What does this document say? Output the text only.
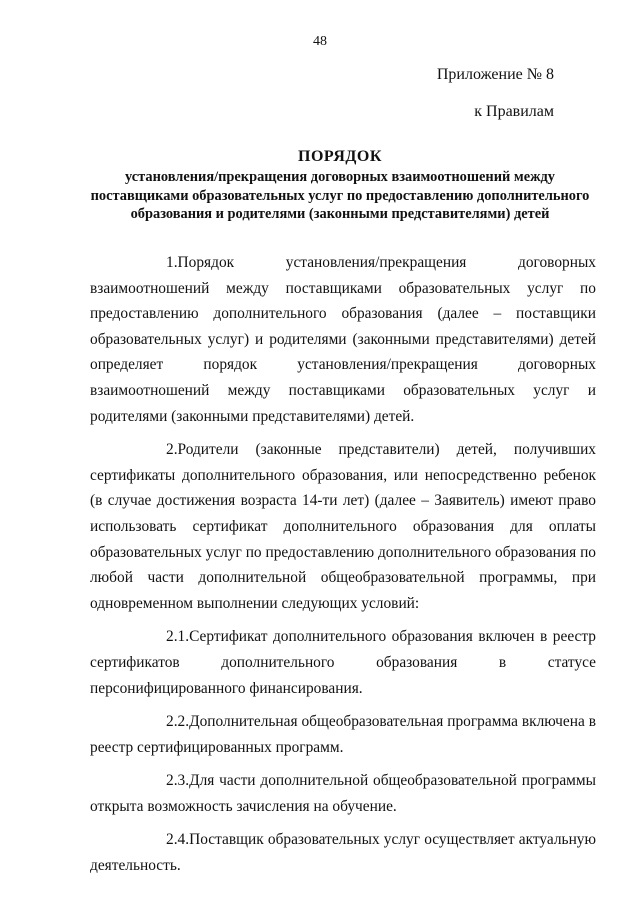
48
Приложение № 8
к Правилам

ПОРЯДОК

установления/прекращения договорных взаимоотношений между поставщиками образовательных услуг по предоставлению дополнительного образования и родителями (законными представителями) детей

1.Порядок установления/прекращения договорных взаимоотношений между поставщиками образовательных услуг по предоставлению дополнительного образования (далее – поставщики образовательных услуг) и родителями (законными представителями) детей определяет порядок установления/прекращения договорных взаимоотношений между поставщиками образовательных услуг и родителями (законными представителями) детей.

2.Родители (законные представители) детей, получивших сертификаты дополнительного образования, или непосредственно ребенок (в случае достижения возраста 14-ти лет) (далее – Заявитель) имеют право использовать сертификат дополнительного образования для оплаты образовательных услуг по предоставлению дополнительного образования по любой части дополнительной общеобразовательной программы, при одновременном выполнении следующих условий:

2.1.Сертификат дополнительного образования включен в реестр сертификатов дополнительного образования в статусе персонифицированного финансирования.

2.2.Дополнительная общеобразовательная программа включена в реестр сертифицированных программ.

2.3.Для части дополнительной общеобразовательной программы открыта возможность зачисления на обучение.

2.4.Поставщик образовательных услуг осуществляет актуальную деятельность.
